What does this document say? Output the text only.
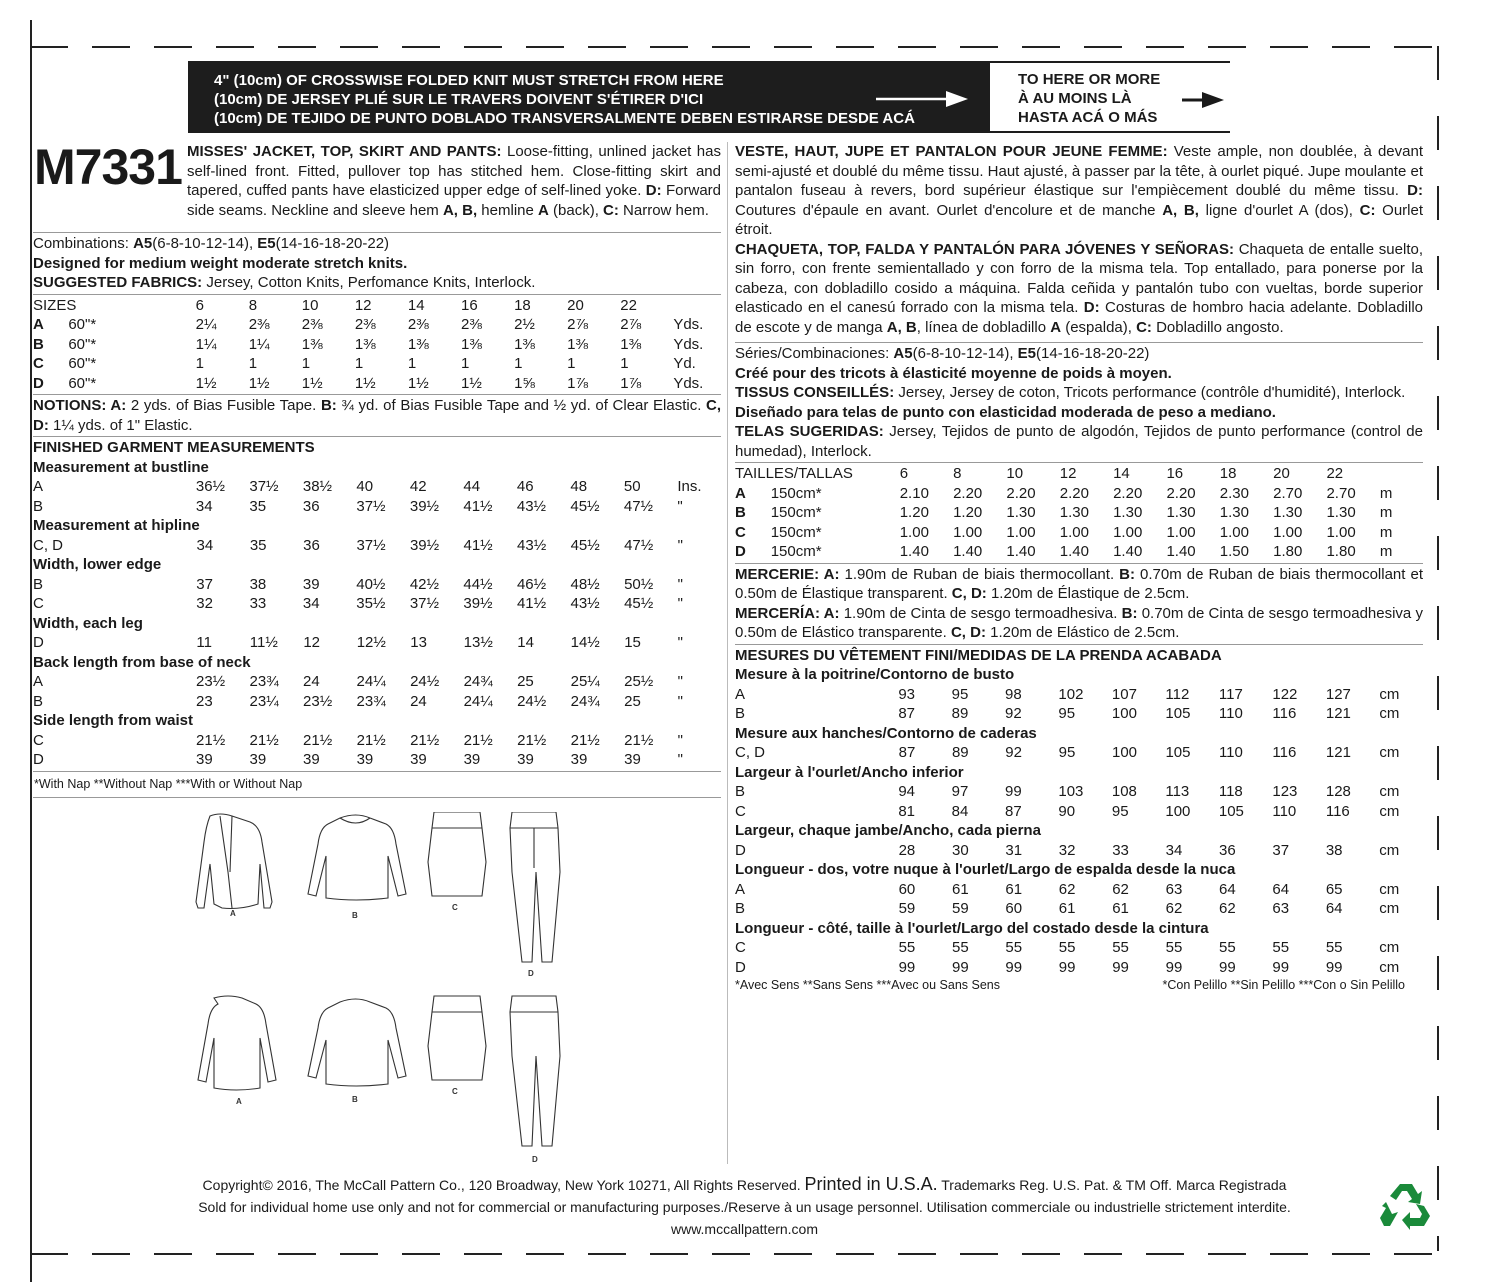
4" (10cm) OF CROSSWISE FOLDED KNIT MUST STRETCH FROM HERE
(10cm) DE JERSEY PLIÉ SUR LE TRAVERS DOIVENT S'ÉTIRER D'ICI
(10cm) DE TEJIDO DE PUNTO DOBLADO TRANSVERSALMENTE DEBEN ESTIRARSE DESDE ACÁ
TO HERE OR MORE
À AU MOINS LÀ
HASTA ACÁ O MÁS
M7331 MISSES' JACKET, TOP, SKIRT AND PANTS: Loose-fitting, unlined jacket has self-lined front. Fitted, pullover top has stitched hem. Close-fitting skirt and tapered, cuffed pants have elasticized upper edge of self-lined yoke. D: Forward side seams. Neckline and sleeve hem A, B, hemline A (back), C: Narrow hem.
Combinations: A5(6-8-10-12-14), E5(14-16-18-20-22)
Designed for medium weight moderate stretch knits.
SUGGESTED FABRICS: Jersey, Cotton Knits, Perfomance Knits, Interlock.
SIZES		6	8	10	12	14	16	18	20	22	
A	60"*	2¼	2⅜	2⅜	2⅜	2⅜	2⅜	2½	2⅞	2⅞	Yds.
B	60"*	1¼	1¼	1⅜	1⅜	1⅜	1⅜	1⅜	1⅜	1⅜	Yds.
C	60"*	1	1	1	1	1	1	1	1	1	Yd.
D	60"*	1½	1½	1½	1½	1½	1½	1⅝	1⅞	1⅞	Yds.
NOTIONS: A: 2 yds. of Bias Fusible Tape. B: ¾ yd. of Bias Fusible Tape and ½ yd. of Clear Elastic. C, D: 1¼ yds. of 1" Elastic.
FINISHED GARMENT MEASUREMENTS
Measurement at bustline
A	36½	37½	38½	40	42	44	46	48	50	Ins.
B	34	35	36	37½	39½	41½	43½	45½	47½	"
Measurement at hipline
C, D	34	35	36	37½	39½	41½	43½	45½	47½	"
Width, lower edge
B	37	38	39	40½	42½	44½	46½	48½	50½	"
C	32	33	34	35½	37½	39½	41½	43½	45½	"
Width, each leg
D	11	11½	12	12½	13	13½	14	14½	15	"
Back length from base of neck
A	23½	23¾	24	24¼	24½	24¾	25	25¼	25½	"
B	23	23¼	23½	23¾	24	24¼	24½	24¾	25	"
Side length from waist
C	21½	21½	21½	21½	21½	21½	21½	21½	21½	"
D	39	39	39	39	39	39	39	39	39	"
*With Nap **Without Nap ***With or Without Nap
VESTE, HAUT, JUPE ET PANTALON POUR JEUNE FEMME: Veste ample, non doublée, à devant semi-ajusté et doublé du même tissu. Haut ajusté, à passer par la tête, à ourlet piqué. Jupe moulante et pantalon fuseau à revers, bord supérieur élastique sur l'empiècement doublé du même tissu. D: Coutures d'épaule en avant. Ourlet d'encolure et de manche A, B, ligne d'ourlet A (dos), C: Ourlet étroit.
CHAQUETA, TOP, FALDA Y PANTALÓN PARA JÓVENES Y SEÑORAS: Chaqueta de entalle suelto, sin forro, con frente semientallado y con forro de la misma tela. Top entallado, para ponerse por la cabeza, con dobladillo cosido a máquina. Falda ceñida y pantalón tubo con vueltas, borde superior elasticado en el canesú forrado con la misma tela. D: Costuras de hombro hacia adelante. Dobladillo de escote y de manga A, B, línea de dobladillo A (espalda), C: Dobladillo angosto.
Séries/Combinaciones: A5(6-8-10-12-14), E5(14-16-18-20-22)
Créé pour des tricots à élasticité moyenne de poids à moyen.
TISSUS CONSEILLÉS: Jersey, Jersey de coton, Tricots performance (contrôle d'humidité), Interlock.
Diseñado para telas de punto con elasticidad moderada de peso a mediano.
TELAS SUGERIDAS: Jersey, Tejidos de punto de algodón, Tejidos de punto performance (control de humedad), Interlock.
TAILLES/TALLAS		6	8	10	12	14	16	18	20	22	
A	150cm*	2.10	2.20	2.20	2.20	2.20	2.20	2.30	2.70	2.70	m
B	150cm*	1.20	1.20	1.30	1.30	1.30	1.30	1.30	1.30	1.30	m
C	150cm*	1.00	1.00	1.00	1.00	1.00	1.00	1.00	1.00	1.00	m
D	150cm*	1.40	1.40	1.40	1.40	1.40	1.40	1.50	1.80	1.80	m
MERCERIE: A: 1.90m de Ruban de biais thermocollant. B: 0.70m de Ruban de biais thermocollant et 0.50m de Élastique transparent. C, D: 1.20m de Élastique de 2.5cm.
MERCERÍA: A: 1.90m de Cinta de sesgo termoadhesiva. B: 0.70m de Cinta de sesgo termoadhesiva y 0.50m de Elástico transparente. C, D: 1.20m de Elástico de 2.5cm.
MESURES DU VÊTEMENT FINI/MEDIDAS DE LA PRENDA ACABADA
Mesure à la poitrine/Contorno de busto
A	93	95	98	102	107	112	117	122	127	cm
B	87	89	92	95	100	105	110	116	121	cm
Mesure aux hanches/Contorno de caderas
C, D	87	89	92	95	100	105	110	116	121	cm
Largeur à l'ourlet/Ancho inferior
B	94	97	99	103	108	113	118	123	128	cm
C	81	84	87	90	95	100	105	110	116	cm
Largeur, chaque jambe/Ancho, cada pierna
D	28	30	31	32	33	34	36	37	38	cm
Longueur - dos, votre nuque à l'ourlet/Largo de espalda desde la nuca
A	60	61	61	62	62	63	64	64	65	cm
B	59	59	60	61	61	62	62	63	64	cm
Longueur - côté, taille à l'ourlet/Largo del costado desde la cintura
C	55	55	55	55	55	55	55	55	55	cm
D	99	99	99	99	99	99	99	99	99	cm
*Avec Sens **Sans Sens ***Avec ou Sans Sens	*Con Pelillo **Sin Pelillo ***Con o Sin Pelillo
A	B
C
D
A	B
C
D
Copyright© 2016, The McCall Pattern Co., 120 Broadway, New York 10271, All Rights Reserved. Printed in U.S.A. Trademarks Reg. U.S. Pat. & TM Off. Marca Registrada
Sold for individual home use only and not for commercial or manufacturing purposes./Reserve à un usage personnel. Utilisation commerciale ou industrielle strictement interdite.
www.mccallpattern.com
